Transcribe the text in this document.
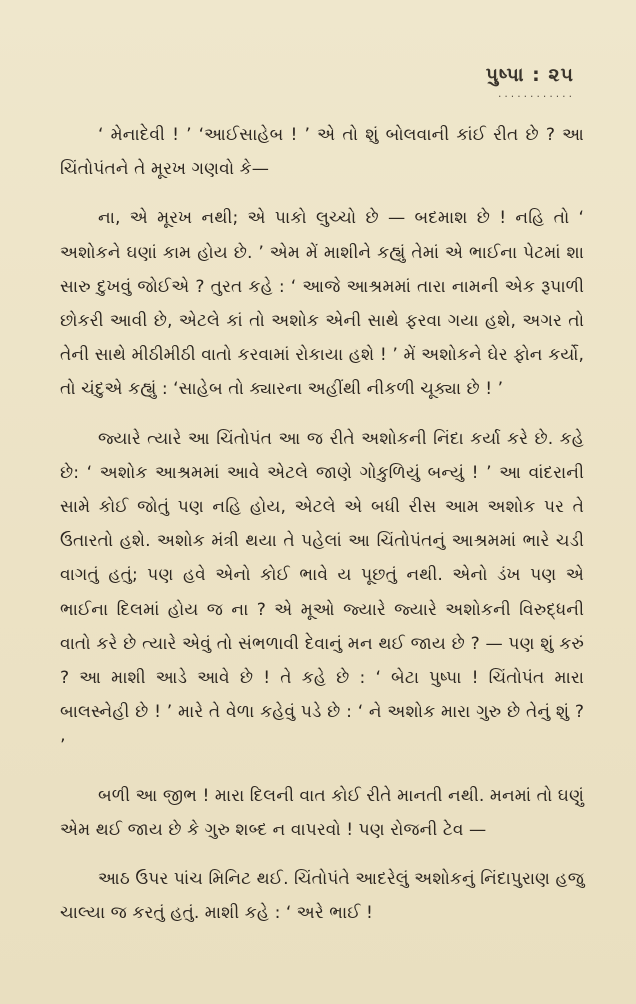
પુષ્પા : ૨૫
............

‘ મેનાદેવી ! ’ ‘આઈસાહેબ ! ’ એ તો શું બોલવાની કાંઈ રીત છે ? આ ચિંતોપંતને તે મૂરખ ગણવો કે—

ના, એ મૂરખ નથી; એ પાકો લુચ્ચો છે — બદમાશ છે ! નહિ તો ‘ અશોકને ઘણાં કામ હોય છે. ’ એમ મેં માશીને કહ્યું તેમાં એ ભાઈના પેટમાં શા સારુ દુખવું જોઈએ ? તુરત કહે : ‘ આજે આશ્રમમાં તારા નામની એક રૂપાળી છોકરી આવી છે, એટલે કાં તો અશોક એની સાથે ફરવા ગયા હશે, અગર તો તેની સાથે મીઠીમીઠી વાતો કરવામાં રોકાયા હશે ! ’ મેં અશોકને ઘેર ફોન કર્યો, તો ચંદુએ કહ્યું : ‘સાહેબ તો ક્યારના અહીંથી નીકળી ચૂક્યા છે ! ’

જ્યારે ત્યારે આ ચિંતોપંત આ જ રીતે અશોકની નિંદા કર્યા કરે છે. કહે છે: ‘ અશોક આશ્રમમાં આવે એટલે જાણે ગોકુળિયું બન્યું ! ’ આ વાંદરાની સામે કોઈ જોતું પણ નહિ હોય, એટલે એ બધી રીસ આમ અશોક પર તે ઉતારતો હશે. અશોક મંત્રી થયા તે પહેલાં આ ચિંતોપંતનું આશ્રમમાં ભારે ચડી વાગતું હતું; પણ હવે એનો કોઈ ભાવે ય પૂછતું નથી. એનો ડંખ પણ એ ભાઈના દિલમાં હોય જ ના ? એ મૂઓ જ્યારે જ્યારે અશોકની વિરુદ્ધની વાતો કરે છે ત્યારે એવું તો સંભળાવી દેવાનું મન થઈ જાય છે ? — પણ શું કરું ? આ માશી આડે આવે છે ! તે કહે છે : ‘ બેટા પુષ્પા ! ચિંતોપંત મારા બાલસ્નેહી છે ! ’ મારે તે વેળા કહેવું પડે છે : ‘ ને અશોક મારા ગુરુ છે તેનું શું ? ’

બળી આ જીભ ! મારા દિલની વાત કોઈ રીતે માનતી નથી. મનમાં તો ઘણું એમ થઈ જાય છે કે ગુરુ શબ્દ ન વાપરવો ! પણ રોજની ટેવ —

આઠ ઉપર પાંચ મિનિટ થઈ. ચિંતોપંતે આદરેલું અશોકનું નિંદાપુરાણ હજુ ચાલ્યા જ કરતું હતું. માશી કહે : ‘ અરે ભાઈ !
